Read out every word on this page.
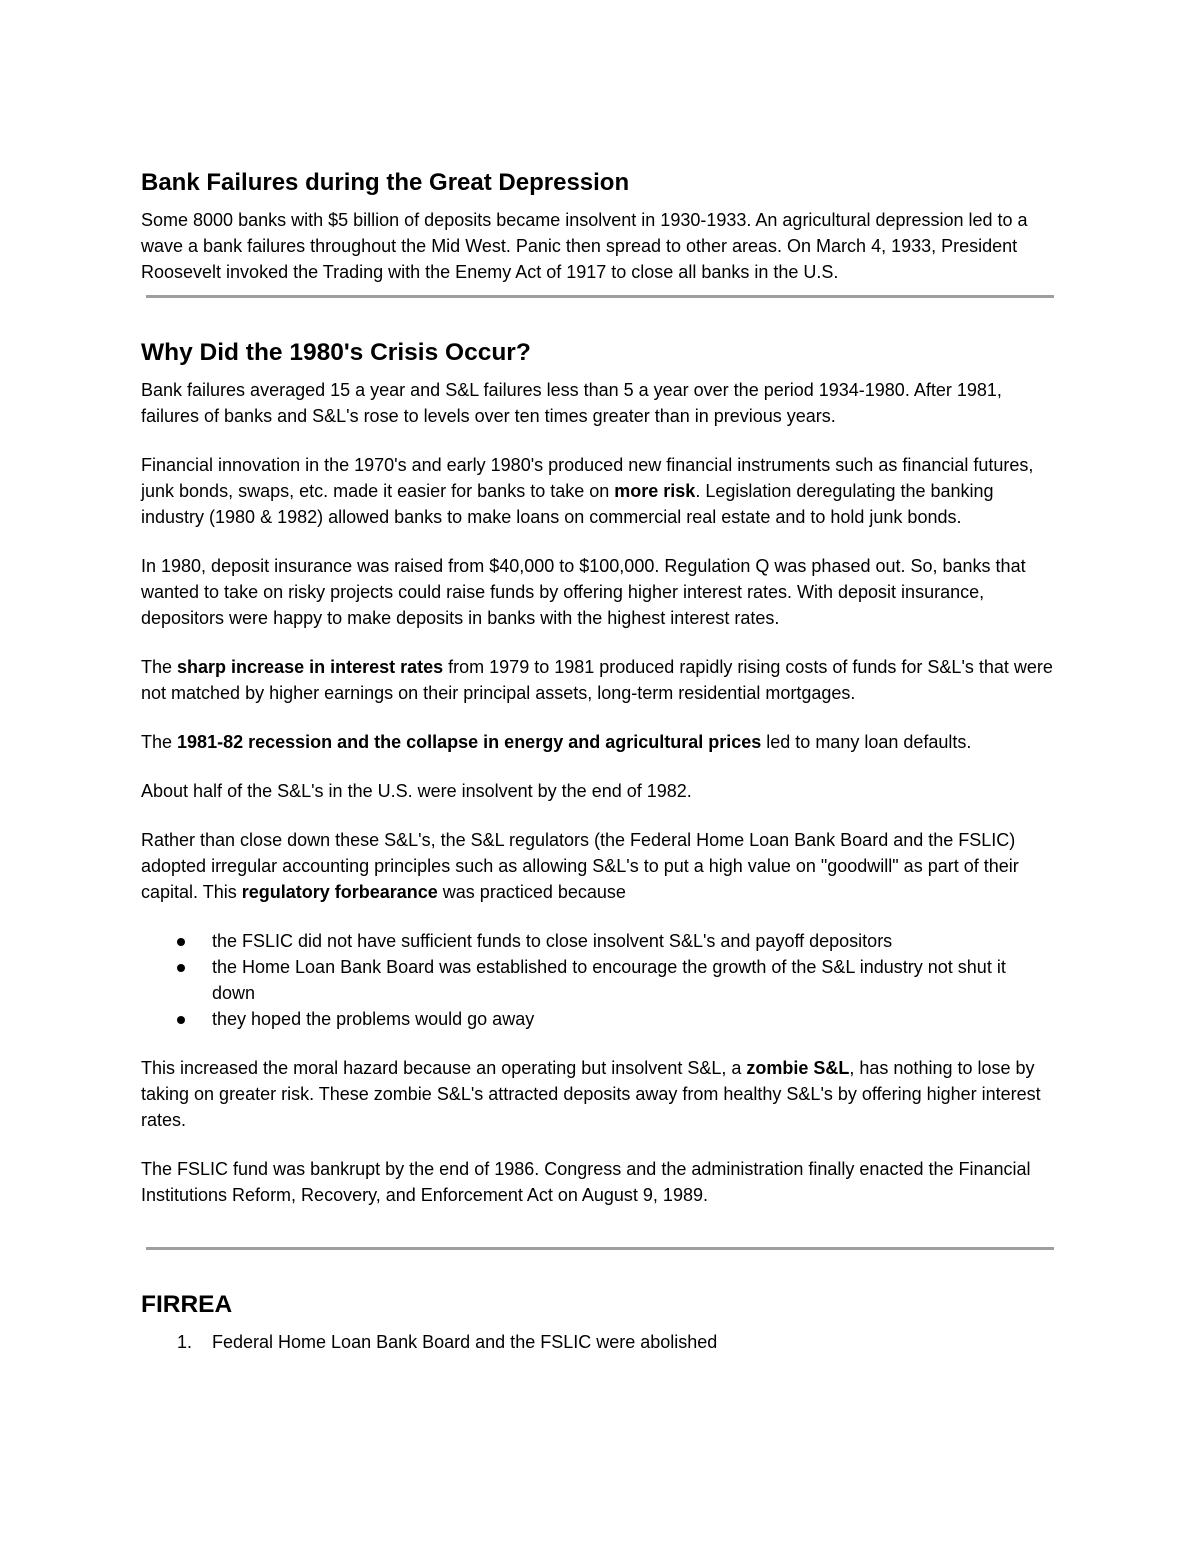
Bank Failures during the Great Depression

Some 8000 banks with $5 billion of deposits became insolvent in 1930-1933. An agricultural depression led to a wave a bank failures throughout the Mid West. Panic then spread to other areas. On March 4, 1933, President Roosevelt invoked the Trading with the Enemy Act of 1917 to close all banks in the U.S.

Why Did the 1980's Crisis Occur?

Bank failures averaged 15 a year and S&L failures less than 5 a year over the period 1934-1980. After 1981, failures of banks and S&L's rose to levels over ten times greater than in previous years.

Financial innovation in the 1970's and early 1980's produced new financial instruments such as financial futures, junk bonds, swaps, etc. made it easier for banks to take on more risk. Legislation deregulating the banking industry (1980 & 1982) allowed banks to make loans on commercial real estate and to hold junk bonds.

In 1980, deposit insurance was raised from $40,000 to $100,000. Regulation Q was phased out. So, banks that wanted to take on risky projects could raise funds by offering higher interest rates. With deposit insurance, depositors were happy to make deposits in banks with the highest interest rates.

The sharp increase in interest rates from 1979 to 1981 produced rapidly rising costs of funds for S&L's that were not matched by higher earnings on their principal assets, long-term residential mortgages.

The 1981-82 recession and the collapse in energy and agricultural prices led to many loan defaults.

About half of the S&L's in the U.S. were insolvent by the end of 1982.

Rather than close down these S&L's, the S&L regulators (the Federal Home Loan Bank Board and the FSLIC) adopted irregular accounting principles such as allowing S&L's to put a high value on "goodwill" as part of their capital. This regulatory forbearance was practiced because

the FSLIC did not have sufficient funds to close insolvent S&L's and payoff depositors
the Home Loan Bank Board was established to encourage the growth of the S&L industry not shut it down
they hoped the problems would go away

This increased the moral hazard because an operating but insolvent S&L, a zombie S&L, has nothing to lose by taking on greater risk. These zombie S&L's attracted deposits away from healthy S&L's by offering higher interest rates.

The FSLIC fund was bankrupt by the end of 1986. Congress and the administration finally enacted the Financial Institutions Reform, Recovery, and Enforcement Act on August 9, 1989.

FIRREA
1. Federal Home Loan Bank Board and the FSLIC were abolished
